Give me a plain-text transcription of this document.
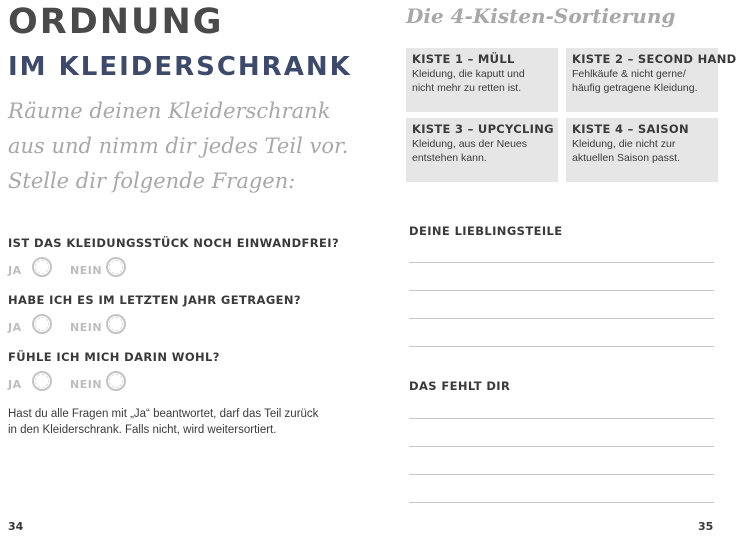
ORDNUNG
IM KLEIDERSCHRANK
Räume deinen Kleiderschrank
aus und nimm dir jedes Teil vor.
Stelle dir folgende Fragen:
IST DAS KLEIDUNGSSTÜCK NOCH EINWANDFREI?
JA	NEIN
HABE ICH ES IM LETZTEN JAHR GETRAGEN?
JA	NEIN
FÜHLE ICH MICH DARIN WOHL?
JA	NEIN
Hast du alle Fragen mit „Ja“ beantwortet, darf das Teil zurück
in den Kleiderschrank. Falls nicht, wird weitersortiert.
34
Die 4-Kisten-Sortierung
KISTE 1 – MÜLL
Kleidung, die kaputt und
nicht mehr zu retten ist.
KISTE 2 – SECOND HAND
Fehlkäufe & nicht gerne/
häufig getragene Kleidung.
KISTE 3 – UPCYCLING
Kleidung, aus der Neues
entstehen kann.
KISTE 4 – SAISON
Kleidung, die nicht zur
aktuellen Saison passt.
DEINE LIEBLINGSTEILE
DAS FEHLT DIR
35
